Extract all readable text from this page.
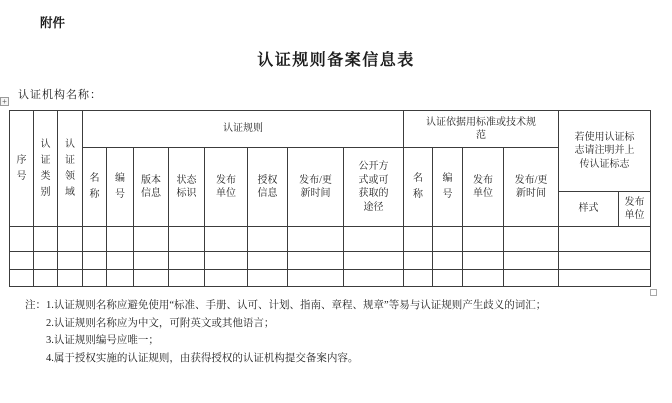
附件
认证规则备案信息表
认证机构名称：
+
序号	认证类别	认证领域	认证规则								认证依据用标准或技术规范				若使用认证标志请注明并上传认证标志	

			名称	编号	版本信息	状态标识	发布单位	授权信息	发布/更新时间	公开方式或可获取的途径	名称	编号	发布单位	发布/更新时间		

															样式	发布单位

注： 1.认证规则名称应避免使用“标准、手册、认可、计划、指南、章程、规章”等易与认证规则产生歧义的词汇；
2.认证规则名称应为中文，可附英文或其他语言；
3.认证规则编号应唯一；
4.属于授权实施的认证规则，由获得授权的认证机构提交备案内容。
